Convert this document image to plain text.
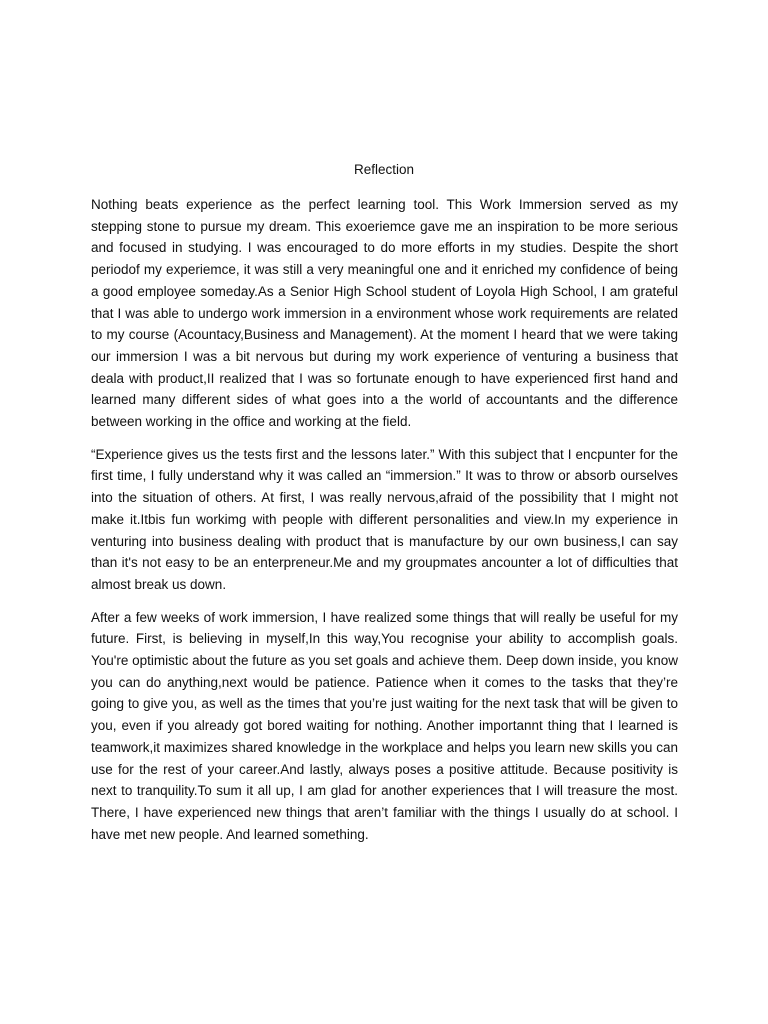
Reflection

Nothing beats experience as the perfect learning tool. This Work Immersion served as my stepping stone to pursue my dream. This exoeriemce gave me an inspiration to be more serious and focused in studying. I was encouraged to do more efforts in my studies. Despite the short periodof my experiemce, it was still a very meaningful one and it enriched my confidence of being a good employee someday.As a Senior High School student of Loyola High School, I am grateful that I was able to undergo work immersion in a environment whose work requirements are related to my course (Acountacy,Business and Management). At the moment I heard that we were taking our immersion I was a bit nervous but during my work experience of venturing a business that deala with product,II realized that I was so fortunate enough to have experienced first hand and learned many different sides of what goes into a the world of accountants and the difference between working in the office and working at the field.

“Experience gives us the tests first and the lessons later.” With this subject that I encpunter for the first time, I fully understand why it was called an “immersion.” It was to throw or absorb ourselves into the situation of others. At first, I was really nervous,afraid of the possibility that I might not make it.Itbis fun workimg with people with different personalities and view.In my experience in venturing into business dealing with product that is manufacture by our own business,I can say than it's not easy to be an enterpreneur.Me and my groupmates ancounter a lot of difficulties that almost break us down.

After a few weeks of work immersion, I have realized some things that will really be useful for my future. First, is believing in myself,In this way,You recognise your ability to accomplish goals. You're optimistic about the future as you set goals and achieve them. Deep down inside, you know you can do anything,next would be patience. Patience when it comes to the tasks that they’re going to give you, as well as the times that you’re just waiting for the next task that will be given to you, even if you already got bored waiting for nothing. Another importannt thing that I learned is teamwork,it maximizes shared knowledge in the workplace and helps you learn new skills you can use for the rest of your career.And lastly, always poses a positive attitude. Because positivity is next to tranquility.To sum it all up, I am glad for another experiences that I will treasure the most. There, I have experienced new things that aren’t familiar with the things I usually do at school. I have met new people. And learned something.
